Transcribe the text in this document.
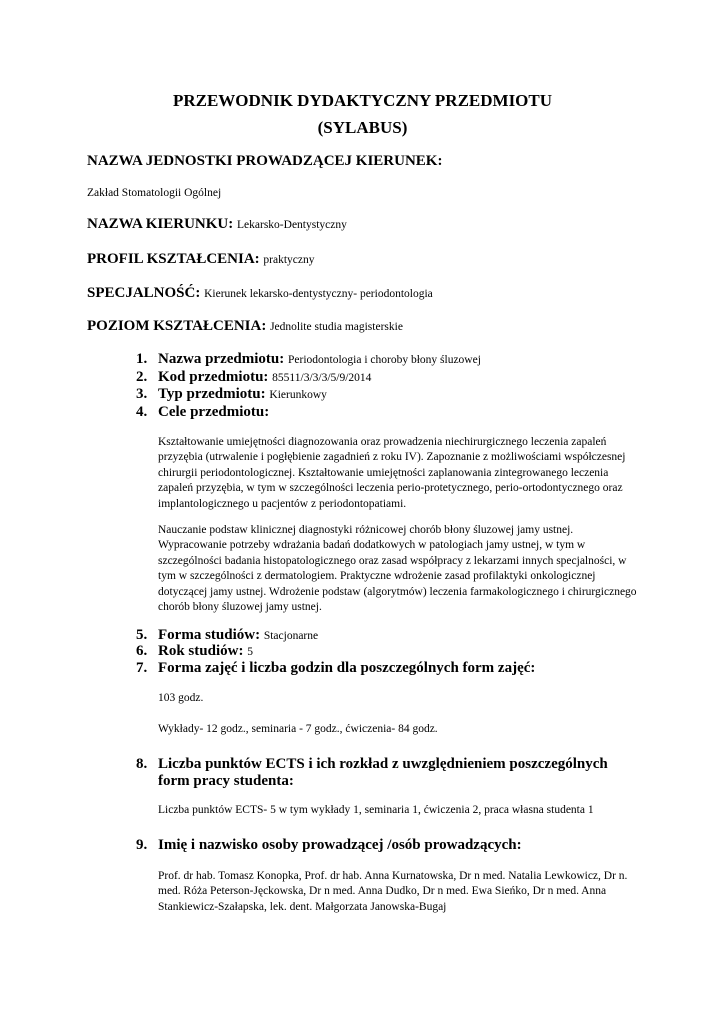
PRZEWODNIK DYDAKTYCZNY PRZEDMIOTU
(SYLABUS)
NAZWA JEDNOSTKI PROWADZĄCEJ KIERUNEK:
Zakład Stomatologii Ogólnej
NAZWA KIERUNKU: Lekarsko-Dentystyczny
PROFIL KSZTAŁCENIA: praktyczny
SPECJALNOŚĆ: Kierunek lekarsko-dentystyczny- periodontologia
POZIOM KSZTAŁCENIA: Jednolite studia magisterskie
1. Nazwa przedmiotu: Periodontologia i choroby błony śluzowej
2. Kod przedmiotu: 85511/3/3/3/5/9/2014
3. Typ przedmiotu: Kierunkowy
4. Cele przedmiotu:
Kształtowanie umiejętności diagnozowania oraz prowadzenia niechirurgicznego leczenia zapaleń przyzębia (utrwalenie i pogłębienie zagadnień z roku IV). Zapoznanie z możliwościami współczesnej chirurgii periodontologicznej. Kształtowanie umiejętności zaplanowania zintegrowanego leczenia zapaleń przyzębia, w tym w szczególności leczenia perio-protetycznego, perio-ortodontycznego oraz implantologicznego u pacjentów z periodontopatiami.
Nauczanie podstaw klinicznej diagnostyki różnicowej chorób błony śluzowej jamy ustnej. Wypracowanie potrzeby wdrażania badań dodatkowych w patologiach jamy ustnej, w tym w szczególności badania histopatologicznego oraz zasad współpracy z lekarzami innych specjalności, w tym w szczególności z dermatologiem. Praktyczne wdrożenie zasad profilaktyki onkologicznej dotyczącej jamy ustnej. Wdrożenie podstaw (algorytmów) leczenia farmakologicznego i chirurgicznego chorób błony śluzowej jamy ustnej.
5. Forma studiów: Stacjonarne
6. Rok studiów: 5
7. Forma zajęć i liczba godzin dla poszczególnych form zajęć:
103 godz.
Wykłady- 12 godz., seminaria - 7 godz., ćwiczenia- 84 godz.
8. Liczba punktów ECTS i ich rozkład z uwzględnieniem poszczególnych form pracy studenta:
Liczba punktów ECTS- 5 w tym wykłady 1, seminaria 1, ćwiczenia 2, praca własna studenta 1
9. Imię i nazwisko osoby prowadzącej /osób prowadzących:
Prof. dr hab. Tomasz Konopka, Prof. dr hab. Anna Kurnatowska, Dr n med. Natalia Lewkowicz, Dr n. med. Róża Peterson-Jęckowska, Dr n med. Anna Dudko, Dr n med. Ewa Sieńko, Dr n med. Anna Stankiewicz-Szałapska, lek. dent. Małgorzata Janowska-Bugaj
